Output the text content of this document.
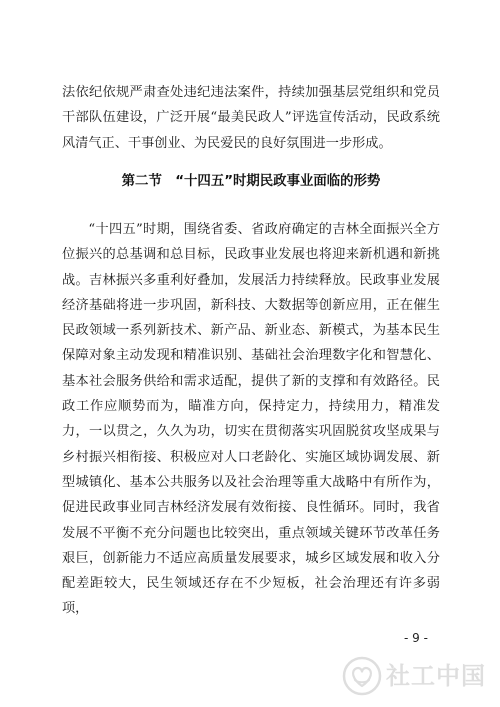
法依纪依规严肃查处违纪违法案件，持续加强基层党组织和党员干部队伍建设，广泛开展“最美民政人”评选宣传活动，民政系统风清气正、干事创业、为民爱民的良好氛围进一步形成。

第二节　“十四五”时期民政事业面临的形势

“十四五”时期，围绕省委、省政府确定的吉林全面振兴全方位振兴的总基调和总目标，民政事业发展也将迎来新机遇和新挑战。吉林振兴多重利好叠加，发展活力持续释放。民政事业发展经济基础将进一步巩固，新科技、大数据等创新应用，正在催生民政领域一系列新技术、新产品、新业态、新模式，为基本民生保障对象主动发现和精准识别、基础社会治理数字化和智慧化、基本社会服务供给和需求适配，提供了新的支撑和有效路径。民政工作应顺势而为，瞄准方向，保持定力，持续用力，精准发力，一以贯之，久久为功，切实在贯彻落实巩固脱贫攻坚成果与乡村振兴相衔接、积极应对人口老龄化、实施区域协调发展、新型城镇化、基本公共服务以及社会治理等重大战略中有所作为，促进民政事业同吉林经济发展有效衔接、良性循环。同时，我省发展不平衡不充分问题也比较突出，重点领域关键环节改革任务艰巨，创新能力不适应高质量发展要求，城乡区域发展和收入分配差距较大，民生领域还存在不少短板，社会治理还有许多弱项，

- 9 -
社工中国
